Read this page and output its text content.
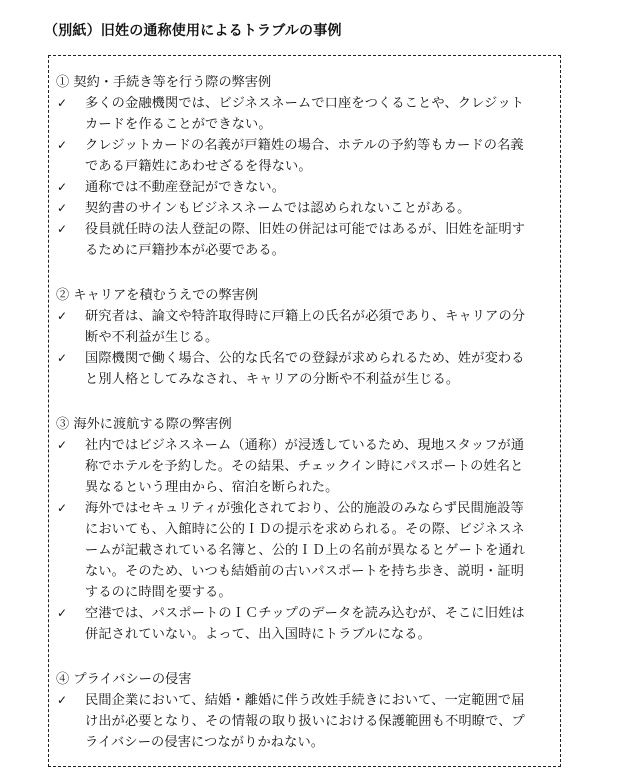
（別紙）旧姓の通称使用によるトラブルの事例
① 契約・手続き等を行う際の弊害例
✓ 多くの金融機関では、ビジネスネームで口座をつくることや、クレジット
カードを作ることができない。
✓ クレジットカードの名義が戸籍姓の場合、ホテルの予約等もカードの名義
である戸籍姓にあわせざるを得ない。
✓ 通称では不動産登記ができない。
✓ 契約書のサインもビジネスネームでは認められないことがある。
✓ 役員就任時の法人登記の際、旧姓の併記は可能ではあるが、旧姓を証明す
るために戸籍抄本が必要である。
② キャリアを積むうえでの弊害例
✓ 研究者は、論文や特許取得時に戸籍上の氏名が必須であり、キャリアの分
断や不利益が生じる。
✓ 国際機関で働く場合、公的な氏名での登録が求められるため、姓が変わる
と別人格としてみなされ、キャリアの分断や不利益が生じる。
③ 海外に渡航する際の弊害例
✓ 社内ではビジネスネーム（通称）が浸透しているため、現地スタッフが通
称でホテルを予約した。その結果、チェックイン時にパスポートの姓名と
異なるという理由から、宿泊を断られた。
✓ 海外ではセキュリティが強化されており、公的施設のみならず民間施設等
においても、入館時に公的ＩＤの提示を求められる。その際、ビジネスネ
ームが記載されている名簿と、公的ＩＤ上の名前が異なるとゲートを通れ
ない。そのため、いつも結婚前の古いパスポートを持ち歩き、説明・証明
するのに時間を要する。
✓ 空港では、パスポートのＩＣチップのデータを読み込むが、そこに旧姓は
併記されていない。よって、出入国時にトラブルになる。
④ プライバシーの侵害
✓ 民間企業において、結婚・離婚に伴う改姓手続きにおいて、一定範囲で届
け出が必要となり、その情報の取り扱いにおける保護範囲も不明瞭で、プ
ライバシーの侵害につながりかねない。
